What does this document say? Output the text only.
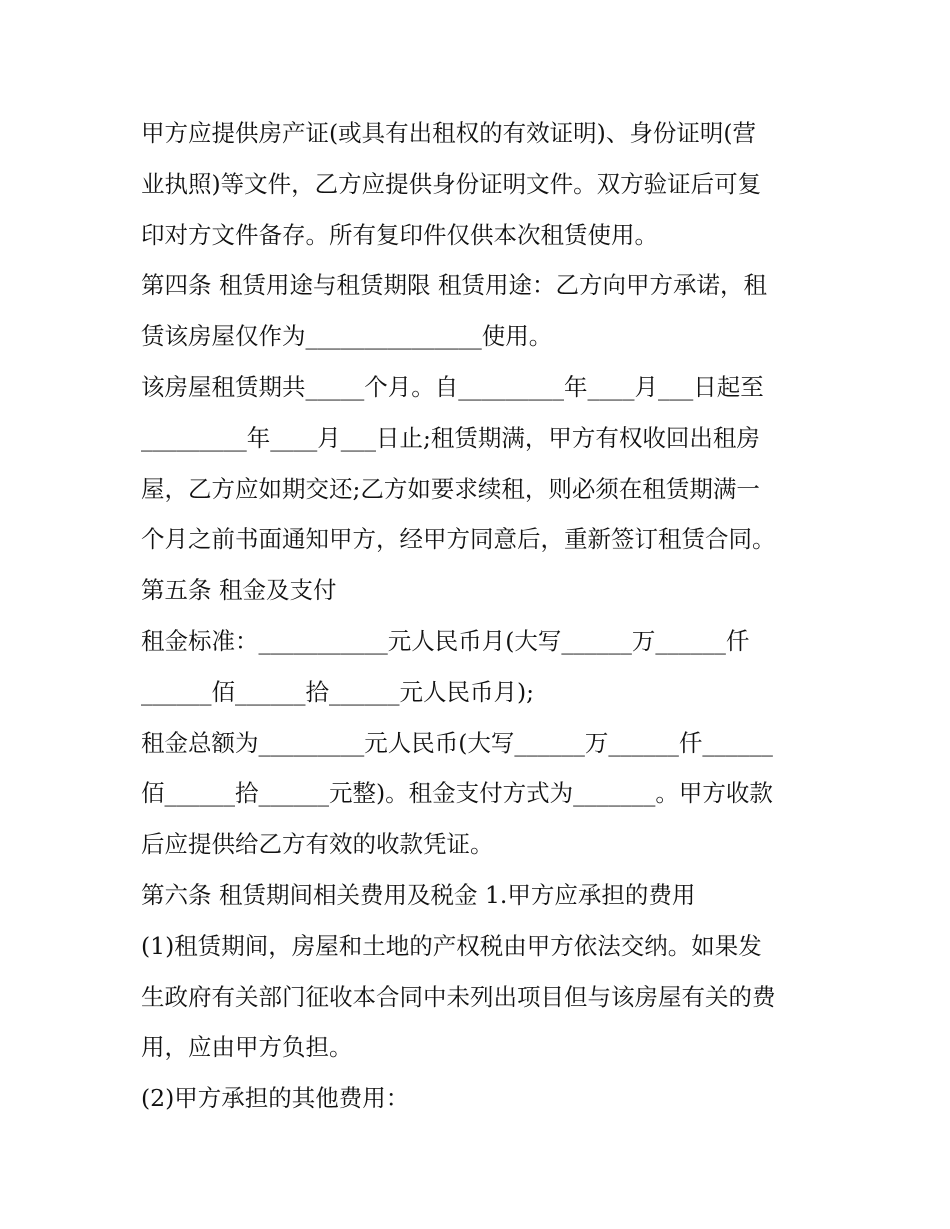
甲方应提供房产证(或具有出租权的有效证明)、身份证明(营

业执照)等文件，乙方应提供身份证明文件。双方验证后可复

印对方文件备存。所有复印件仅供本次租赁使用。

第四条 租赁用途与租赁期限 租赁用途：乙方向甲方承诺，租

赁该房屋仅作为_______________使用。

该房屋租赁期共_____个月。自_________年____月___日起至

_________年____月___日止;租赁期满，甲方有权收回出租房

屋，乙方应如期交还;乙方如要求续租，则必须在租赁期满一

个月之前书面通知甲方，经甲方同意后，重新签订租赁合同。

第五条 租金及支付

租金标准：___________元人民币月(大写______万______仟

______佰______拾______元人民币月);

租金总额为_________元人民币(大写______万______仟______

佰______拾______元整)。租金支付方式为_______。甲方收款

后应提供给乙方有效的收款凭证。

第六条 租赁期间相关费用及税金 1.甲方应承担的费用

(1)租赁期间，房屋和土地的产权税由甲方依法交纳。如果发

生政府有关部门征收本合同中未列出项目但与该房屋有关的费

用，应由甲方负担。

(2)甲方承担的其他费用：
